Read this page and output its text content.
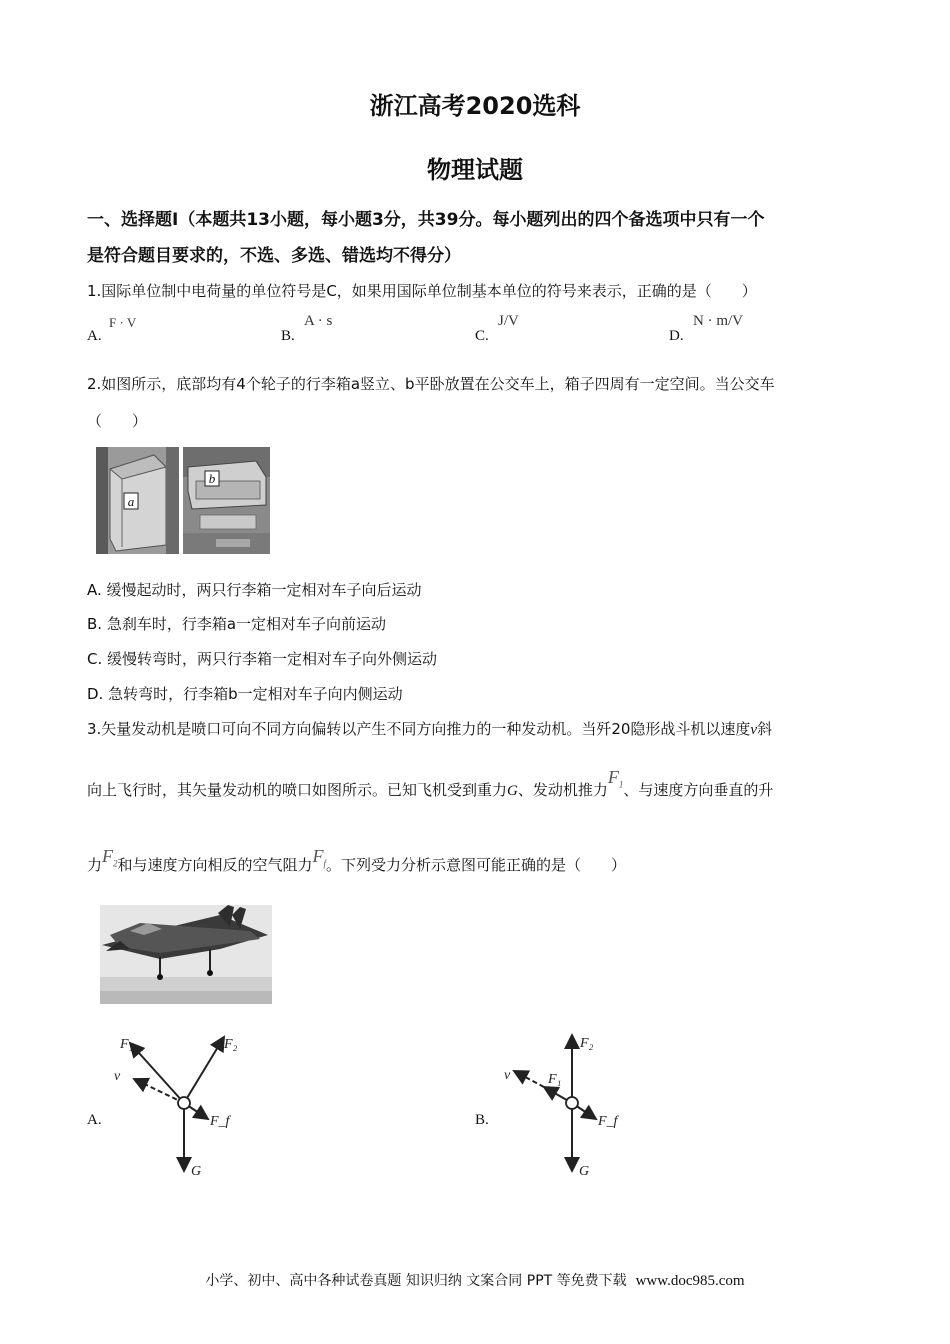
浙江高考2020选科
物理试题
一、选择题I（本题共13小题，每小题3分，共39分。每小题列出的四个备选项中只有一个
是符合题目要求的，不选、多选、错选均不得分）
1.国际单位制中电荷量的单位符号是C，如果用国际单位制基本单位的符号来表示，正确的是（　　）
A.
F · V
B.
A · s
C.
J/V
D.
N · m/V
2.如图所示，底部均有4个轮子的行李箱a竖立、b平卧放置在公交车上，箱子四周有一定空间。当公交车
（　　）
a
b
A. 缓慢起动时，两只行李箱一定相对车子向后运动
B. 急刹车时，行李箱a一定相对车子向前运动
C. 缓慢转弯时，两只行李箱一定相对车子向外侧运动
D. 急转弯时，行李箱b一定相对车子向内侧运动
3.矢量发动机是喷口可向不同方向偏转以产生不同方向推力的一种发动机。当歼20隐形战斗机以速度v斜
向上飞行时，其矢量发动机的喷口如图所示。已知飞机受到重力G、发动机推力$F_1$、与速度方向垂直的升
力$F_2$和与速度方向相反的空气阻力$F_f$。下列受力分析示意图可能正确的是（　　）
A.
F₁	F₂
v
F_f
G
B.
F₂
F₁
v
F_f
G
小学、初中、高中各种试卷真题 知识归纳 文案合同 PPT 等免费下载 www.doc985.com
